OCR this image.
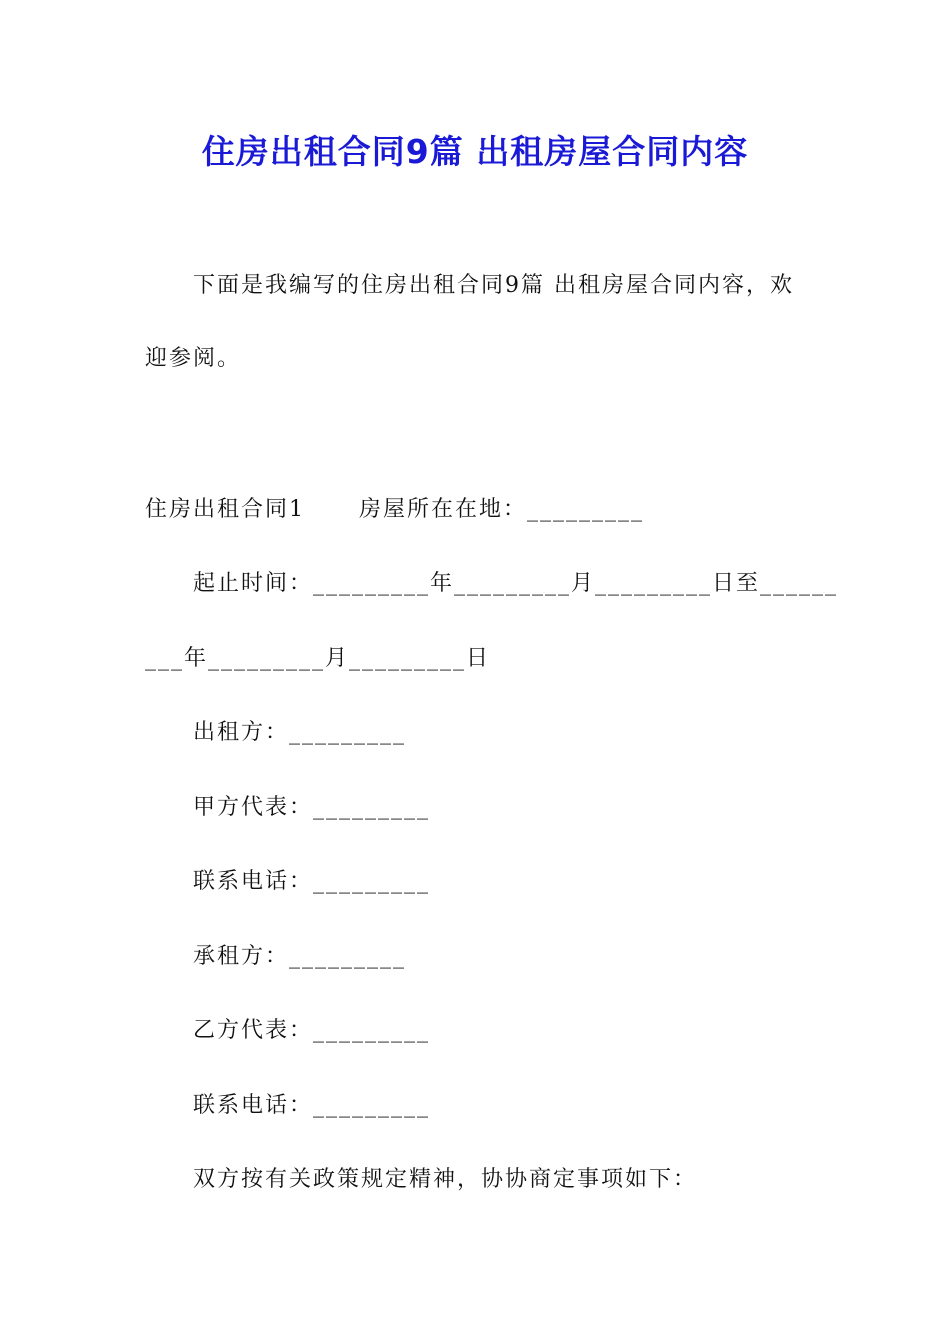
住房出租合同9篇 出租房屋合同内容

下面是我编写的住房出租合同9篇 出租房屋合同内容，欢

迎参阅。

住房出租合同1 房屋所在在地：_________

起止时间：_________年_________月_________日至______

___年_________月_________日

出租方：_________

甲方代表：_________

联系电话：_________

承租方：_________

乙方代表：_________

联系电话：_________

双方按有关政策规定精神，协协商定事项如下：
